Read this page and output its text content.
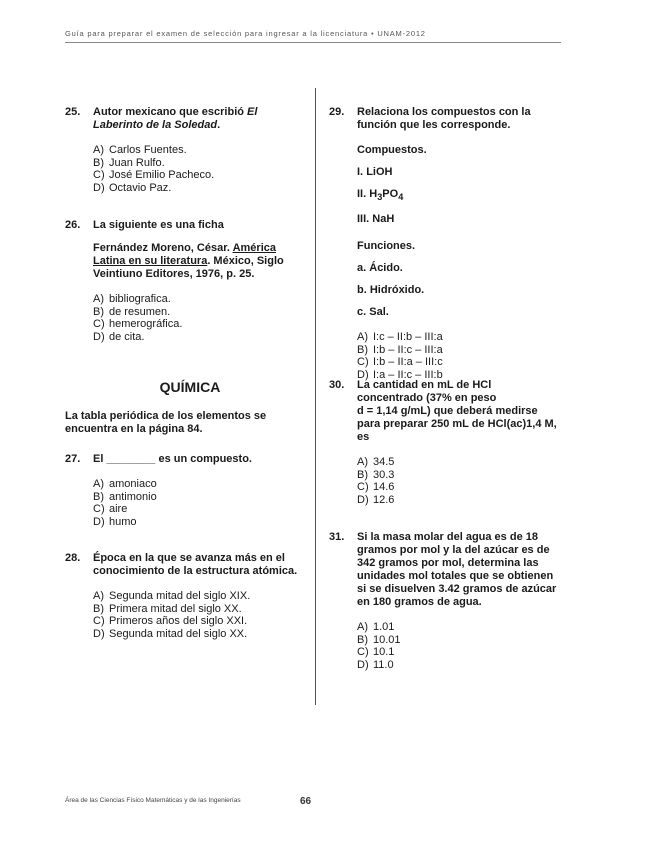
Guía para preparar el examen de selección para ingresar a la licenciatura • UNAM-2012
25. Autor mexicano que escribió El Laberinto de la Soledad.
A) Carlos Fuentes.
B) Juan Rulfo.
C) José Emilio Pacheco.
D) Octavio Paz.
26. La siguiente es una ficha
Fernández Moreno, César. América Latina en su literatura. México, Siglo Veintiuno Editores, 1976, p. 25.
A) bibliografica.
B) de resumen.
C) hemerográfica.
D) de cita.
QUÍMICA
La tabla periódica de los elementos se encuentra en la página 84.
27. El ________ es un compuesto.
A) amoniaco
B) antimonio
C) aire
D) humo
28. Época en la que se avanza más en el conocimiento de la estructura atómica.
A) Segunda mitad del siglo XIX.
B) Primera mitad del siglo XX.
C) Primeros años del siglo XXI.
D) Segunda mitad del siglo XX.
29. Relaciona los compuestos con la función que les corresponde.
Compuestos.
I. LiOH
II. $H_3PO_4$
III. NaH
Funciones.
a. Ácido.
b. Hidróxido.
c. Sal.
A) I:c – II:b – III:a
B) I:b – II:c – III:a
C) I:b – II:a – III:c
D) I:a – II:c – III:b
30. La cantidad en mL de HCl
concentrado (37% en peso
d = 1,14 g/mL) que deberá medirse
para preparar 250 mL de HCl(ac)1,4 M,
es
A) 34.5
B) 30.3
C) 14.6
D) 12.6
31. Si la masa molar del agua es de 18 gramos por mol y la del azúcar es de 342 gramos por mol, determina las unidades mol totales que se obtienen si se disuelven 3.42 gramos de azúcar en 180 gramos de agua.
A) 1.01
B) 10.01
C) 10.1
D) 11.0
Área de las Ciencias Físico Matemáticas y de las Ingenierías	66
